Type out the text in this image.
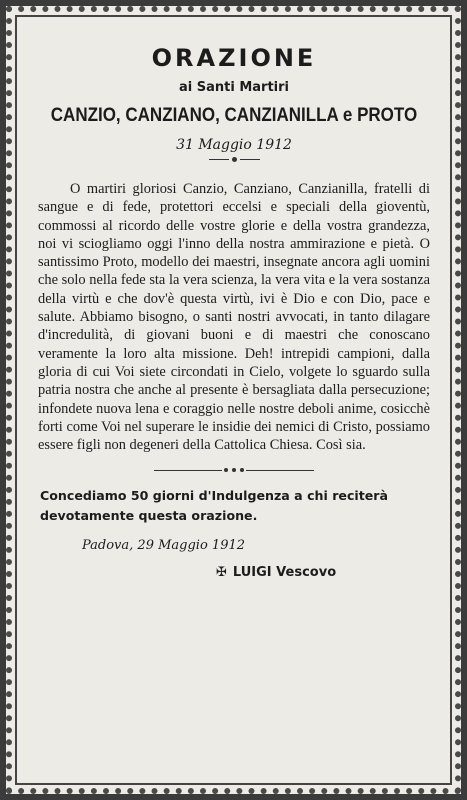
ORAZIONE
ai Santi Martiri
CANZIO, CANZIANO, CANZIANILLA e PROTO
31 Maggio 1912

O martiri gloriosi Canzio, Canziano, Canzianilla, fratelli di sangue e di fede, protettori eccelsi e speciali della gioventù, commossi al ricordo delle vostre glorie e della vostra grandezza, noi vi sciogliamo oggi l'inno della nostra ammirazione e pietà. O santissimo Proto, modello dei maestri, insegnate ancora agli uomini che solo nella fede sta la vera scienza, la vera vita e la vera sostanza della virtù e che dov'è questa virtù, ivi è Dio e con Dio, pace e salute. Abbiamo bisogno, o santi nostri avvocati, in tanto dilagare d'incredulità, di giovani buoni e di maestri che conoscano veramente la loro alta missione. Deh! intrepidi campioni, dalla gloria di cui Voi siete circondati in Cielo, volgete lo sguardo sulla patria nostra che anche al presente è bersagliata dalla persecuzione; infondete nuova lena e coraggio nelle nostre deboli anime, cosicchè forti come Voi nel superare le insidie dei nemici di Cristo, possiamo essere figli non degeneri della Cattolica Chiesa. Così sia.

Concediamo 50 giorni d'Indulgenza a chi reciterà devotamente questa orazione.
Padova, 29 Maggio 1912
✠ LUIGI Vescovo
